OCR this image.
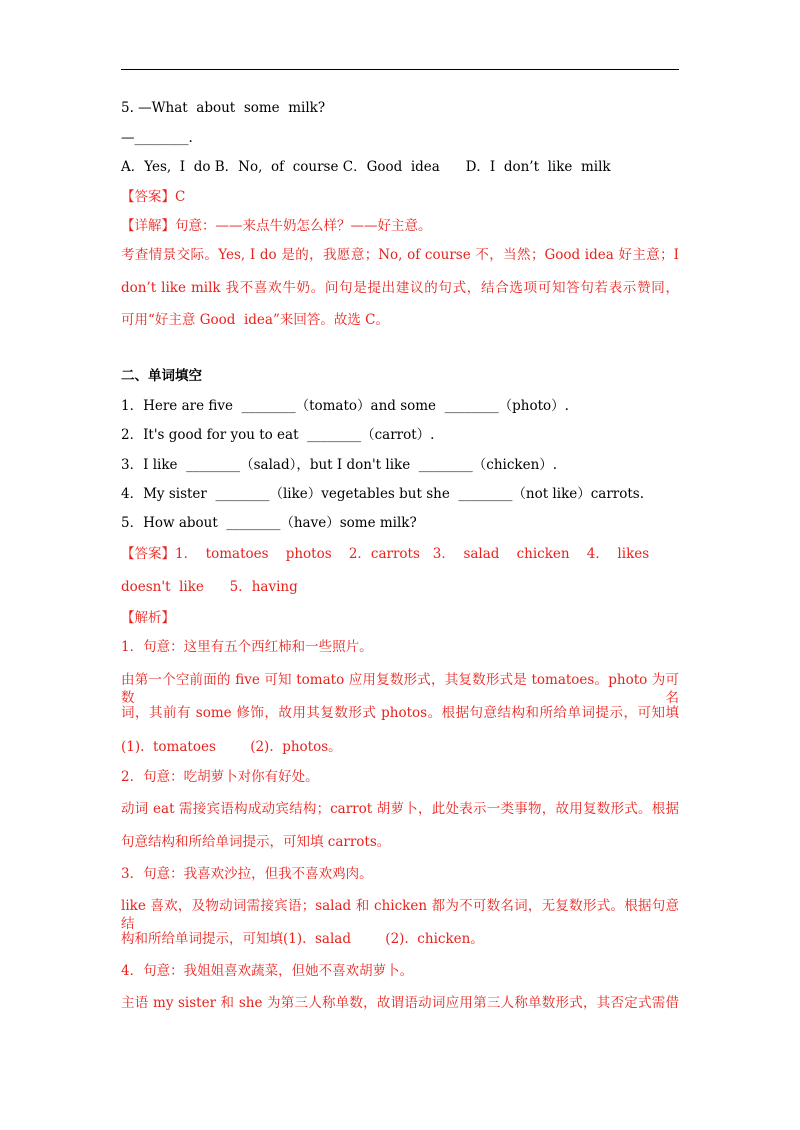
5. —What  about  some  milk?
—________.
A．Yes,  I  do B．No,  of  course C．Good  idea      D．I  don’t  like  milk
【答案】C
【详解】句意：——来点牛奶怎么样？——好主意。
考查情景交际。Yes, I do 是的，我愿意；No, of course 不，当然；Good idea 好主意；I
don’t like milk 我不喜欢牛奶。问句是提出建议的句式，结合选项可知答句若表示赞同，
可用“好主意 Good  idea”来回答。故选 C。
二、单词填空
1．Here are five  ________（tomato）and some  ________（photo）.
2．It's good for you to eat  ________（carrot）.
3．I like  ________（salad），but I don't like  ________（chicken）.
4．My sister  ________（like）vegetables but she  ________（not like）carrots.
5．How about  ________（have）some milk?
【答案】1．  tomatoes    photos    2．carrots   3．  salad    chicken    4．  likes
doesn't  like      5．having
【解析】
1．句意：这里有五个西红柿和一些照片。
由第一个空前面的 five 可知 tomato 应用复数形式，其复数形式是 tomatoes。photo 为可数名
词，其前有 some 修饰，故用其复数形式 photos。根据句意结构和所给单词提示，可知填
(1).  tomatoes        (2).  photos。
2．句意：吃胡萝卜对你有好处。
动词 eat 需接宾语构成动宾结构；carrot 胡萝卜，此处表示一类事物，故用复数形式。根据
句意结构和所给单词提示，可知填 carrots。
3．句意：我喜欢沙拉，但我不喜欢鸡肉。
like 喜欢，及物动词需接宾语；salad 和 chicken 都为不可数名词，无复数形式。根据句意结
构和所给单词提示，可知填(1).  salad        (2).  chicken。
4．句意：我姐姐喜欢蔬菜，但她不喜欢胡萝卜。
主语 my sister 和 she 为第三人称单数，故谓语动词应用第三人称单数形式，其否定式需借
